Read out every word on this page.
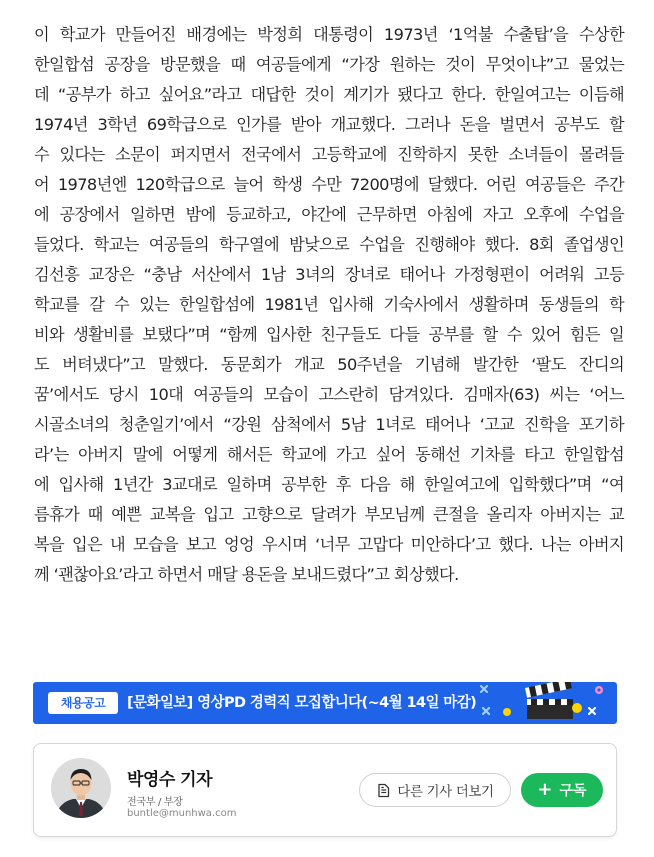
이 학교가 만들어진 배경에는 박정희 대통령이 1973년 ‘1억불 수출탑’을 수상한
한일합섬 공장을 방문했을 때 여공들에게 “가장 원하는 것이 무엇이냐”고 물었는
데 “공부가 하고 싶어요”라고 대답한 것이 계기가 됐다고 한다. 한일여고는 이듬해
1974년 3학년 69학급으로 인가를 받아 개교했다. 그러나 돈을 벌면서 공부도 할
수 있다는 소문이 퍼지면서 전국에서 고등학교에 진학하지 못한 소녀들이 몰려들
어 1978년엔 120학급으로 늘어 학생 수만 7200명에 달했다. 어린 여공들은 주간
에 공장에서 일하면 밤에 등교하고, 야간에 근무하면 아침에 자고 오후에 수업을
들었다. 학교는 여공들의 학구열에 밤낮으로 수업을 진행해야 했다. 8회 졸업생인
김선흥 교장은 “충남 서산에서 1남 3녀의 장녀로 태어나 가정형편이 어려워 고등
학교를 갈 수 있는 한일합섬에 1981년 입사해 기숙사에서 생활하며 동생들의 학
비와 생활비를 보탰다”며 “함께 입사한 친구들도 다들 공부를 할 수 있어 힘든 일
도 버텨냈다”고 말했다. 동문회가 개교 50주년을 기념해 발간한 ‘팔도 잔디의
꿈’에서도 당시 10대 여공들의 모습이 고스란히 담겨있다. 김매자(63) 씨는 ‘어느
시골소녀의 청춘일기’에서 “강원 삼척에서 5남 1녀로 태어나 ‘고교 진학을 포기하
라’는 아버지 말에 어떻게 해서든 학교에 가고 싶어 동해선 기차를 타고 한일합섬
에 입사해 1년간 3교대로 일하며 공부한 후 다음 해 한일여고에 입학했다”며 “여
름휴가 때 예쁜 교복을 입고 고향으로 달려가 부모님께 큰절을 올리자 아버지는 교
복을 입은 내 모습을 보고 엉엉 우시며 ‘너무 고맙다 미안하다’고 했다. 나는 아버지
께 ‘괜찮아요’라고 하면서 매달 용돈을 보내드렸다”고 회상했다.

채용공고	[문화일보] 영상PD 경력직 모집합니다(~4월 14일 마감)
박영수 기자
전국부 / 부장
buntle@munhwa.com
다른 기사 더보기 + 구독
